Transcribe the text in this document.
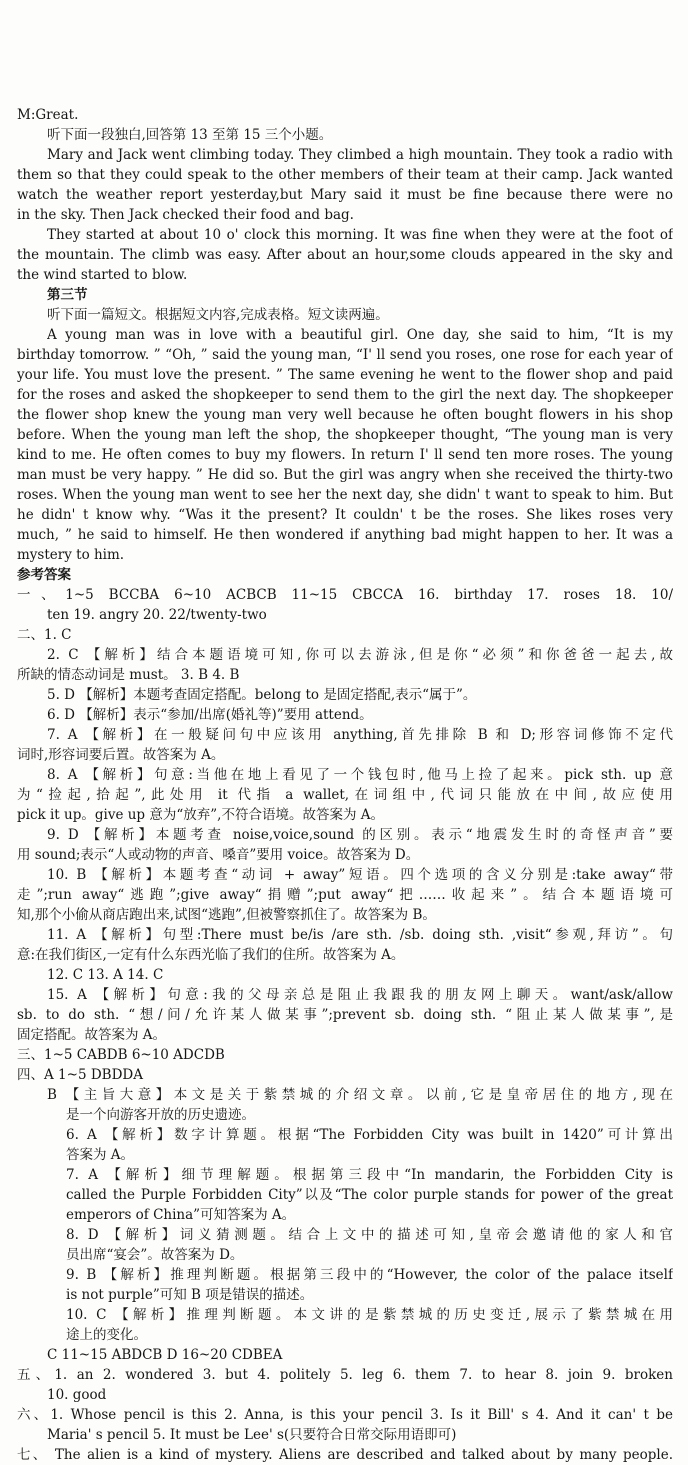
M:Great.
听下面一段独白,回答第 13 至第 15 三个小题。
Mary and Jack went climbing today. They climbed a high mountain. They took a radio with
them so that they could speak to the other members of their team at their camp. Jack wanted
watch the weather report yesterday,but Mary said it must be fine because there were no
in the sky. Then Jack checked their food and bag.
They started at about 10 o' clock this morning. It was fine when they were at the foot of
the mountain. The climb was easy. After about an hour,some clouds appeared in the sky and
the wind started to blow.
第三节
听下面一篇短文。根据短文内容,完成表格。短文读两遍。
A young man was in love with a beautiful girl. One day, she said to him, “It is my
birthday tomorrow. ” “Oh, ” said the young man, “I' ll send you roses, one rose for each year of
your life. You must love the present. ” The same evening he went to the flower shop and paid
for the roses and asked the shopkeeper to send them to the girl the next day. The shopkeeper
the flower shop knew the young man very well because he often bought flowers in his shop
before. When the young man left the shop, the shopkeeper thought, “The young man is very
kind to me. He often comes to buy my flowers. In return I' ll send ten more roses. The young
man must be very happy. ” He did so. But the girl was angry when she received the thirty-two
roses. When the young man went to see her the next day, she didn' t want to speak to him. But
he didn' t know why. “Was it the present? It couldn' t be the roses. She likes roses very
much, ” he said to himself. He then wondered if anything bad might happen to her. It was a
mystery to him.
参考答案
一、1~5 BCCBA 6~10 ACBCB 11~15 CBCCA 16. birthday 17. roses 18. 10/
ten 19. angry 20. 22/twenty-two
二、1. C
2. C 【解析】结合本题语境可知,你可以去游泳,但是你“必须”和你爸爸一起去,故
所缺的情态动词是 must。 3. B 4. B
5. D 【解析】本题考查固定搭配。belong to 是固定搭配,表示“属于”。
6. D 【解析】表示“参加/出席(婚礼等)”要用 attend。
7. A 【解析】在一般疑问句中应该用 anything,首先排除 B 和 D;形容词修饰不定代
词时,形容词要后置。故答案为 A。
8. A 【解析】句意:当他在地上看见了一个钱包时,他马上捡了起来。pick sth. up 意
为“捡起,拾起”,此处用 it 代指 a wallet,在词组中,代词只能放在中间,故应使用
pick it up。give up 意为“放弃”,不符合语境。故答案为 A。
9. D 【解析】本题考查 noise,voice,sound 的区别。表示“地震发生时的奇怪声音”要
用 sound;表示“人或动物的声音、嗓音”要用 voice。故答案为 D。
10. B 【解析】本题考查“动词 + away”短语。四个选项的含义分别是:take away“带
走”;run away“逃跑”;give away“捐赠”;put away“把……收起来”。结合本题语境可
知,那个小偷从商店跑出来,试图“逃跑”,但被警察抓住了。故答案为 B。
11. A 【解析】句型:There must be/is /are sth. /sb. doing sth. ,visit“参观,拜访”。句
意:在我们街区,一定有什么东西光临了我们的住所。故答案为 A。
12. C 13. A 14. C
15. A 【解析】句意:我的父母亲总是阻止我跟我的朋友网上聊天。want/ask/allow
sb. to do sth. “想/问/允许某人做某事”;prevent sb. doing sth. “阻止某人做某事”,是
固定搭配。故答案为 A。
三、1~5 CABDB 6~10 ADCDB
四、A 1~5 DBDDA
B 【主旨大意】本文是关于紫禁城的介绍文章。以前,它是皇帝居住的地方,现在
是一个向游客开放的历史遗迹。
6. A 【解析】数字计算题。根据“The Forbidden City was built in 1420”可计算出
答案为 A。
7. A 【解析】细节理解题。根据第三段中“In mandarin, the Forbidden City is
called the Purple Forbidden City”以及“The color purple stands for power of the great
emperors of China”可知答案为 A。
8. D 【解析】词义猜测题。结合上文中的描述可知,皇帝会邀请他的家人和官
员出席“宴会”。故答案为 D。
9. B 【解析】推理判断题。根据第三段中的“However, the color of the palace itself
is not purple”可知 B 项是错误的描述。
10. C 【解析】推理判断题。本文讲的是紫禁城的历史变迁,展示了紫禁城在用
途上的变化。
C 11~15 ABDCB D 16~20 CDBEA
五、1. an 2. wondered 3. but 4. politely 5. leg 6. them 7. to hear 8. join 9. broken
10. good
六、1. Whose pencil is this 2. Anna, is this your pencil 3. Is it Bill' s 4. And it can' t be
Maria' s pencil 5. It must be Lee' s(只要符合日常交际用语即可)
七、 The alien is a kind of mystery. Aliens are described and talked about by many people.
